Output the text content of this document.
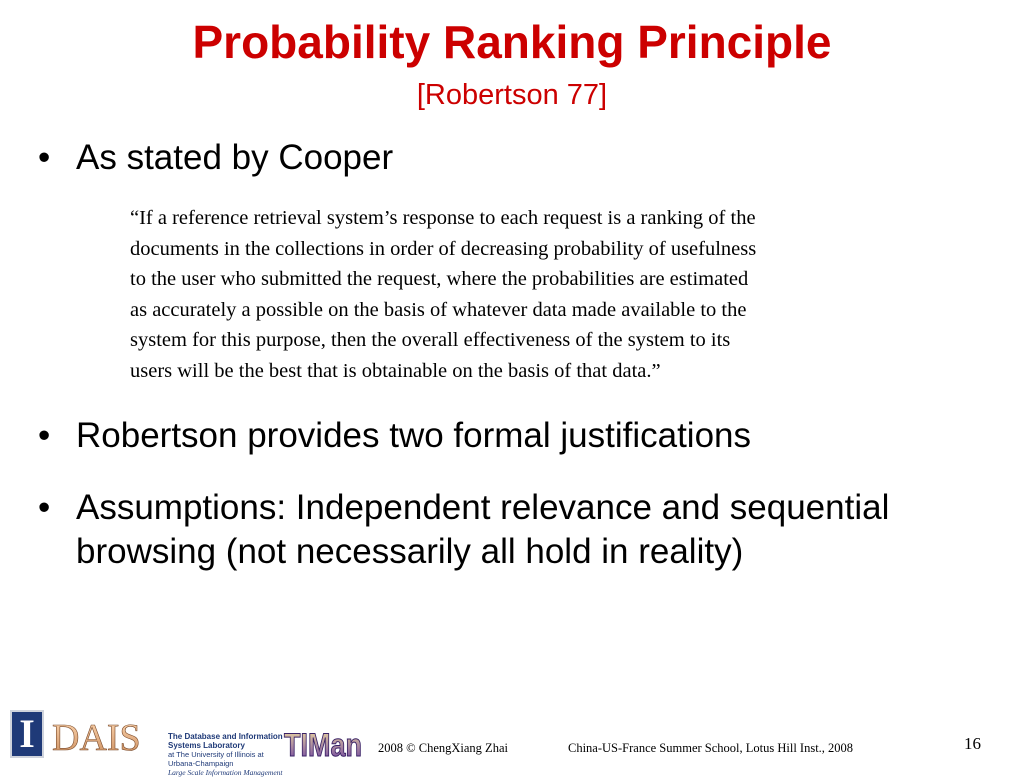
Probability Ranking Principle
[Robertson 77]
• As stated by Cooper
“If a reference retrieval system’s response to each request is a ranking of the
documents in the collections in order of decreasing probability of usefulness
to the user who submitted the request, where the probabilities are estimated
as accurately a possible on the basis of whatever data made available to the
system for this purpose, then the overall effectiveness of the system to its
users will be the best that is obtainable on the basis of that data.”
• Robertson provides two formal justifications
• Assumptions: Independent relevance and sequential browsing (not necessarily all hold in reality)
I DAIS	The Database and Information Systems Laboratory
at The University of Illinois at Urbana-Champaign
Large Scale Information Management
TIMan 2008 © ChengXiang Zhai	China-US-France Summer School, Lotus Hill Inst., 2008	16
